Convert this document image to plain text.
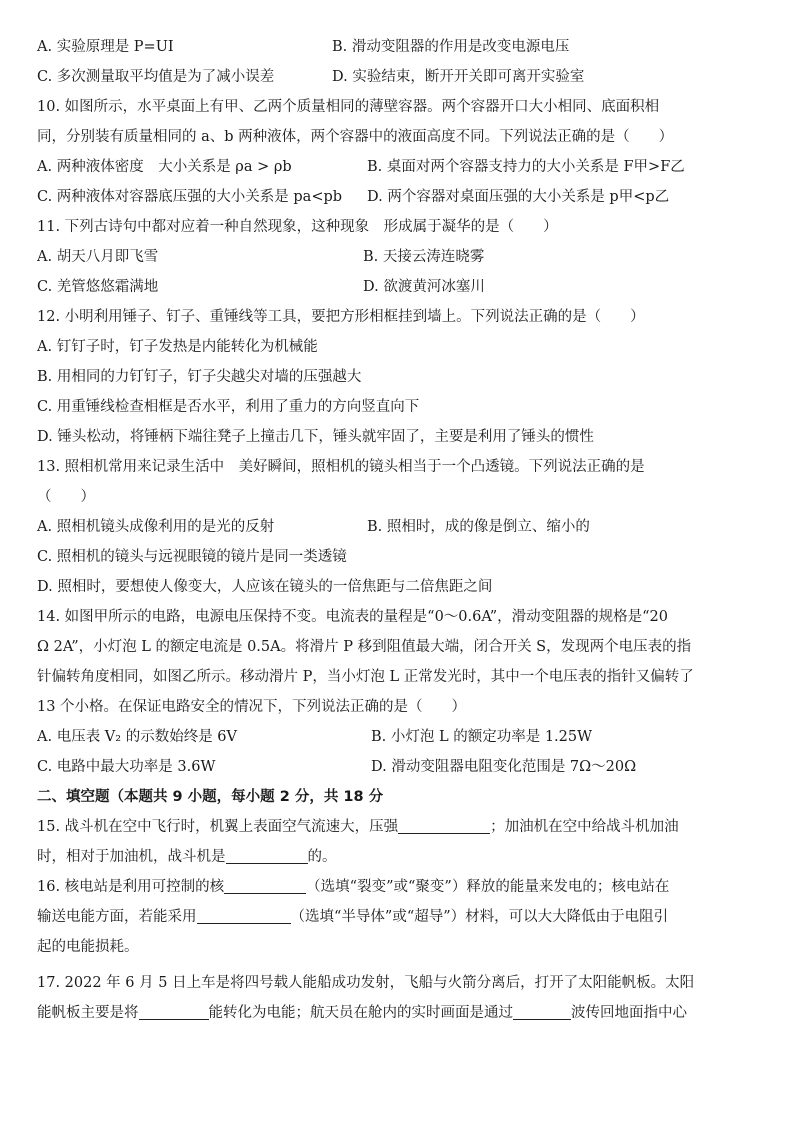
A. 实验原理是 P=UI	B. 滑动变阻器的作用是改变电源电压
C. 多次测量取平均值是为了减小误差	D. 实验结束，断开开关即可离开实验室
10. 如图所示，水平桌面上有甲、乙两个质量相同的薄壁容器。两个容器开口大小相同、底面积相
同，分别装有质量相同的 a、b 两种液体，两个容器中的液面高度不同。下列说法正确的是（　　）
A. 两种液体密度　大小关系是 ρa > ρb	B. 桌面对两个容器支持力的大小关系是 F甲>F乙
C. 两种液体对容器底压强的大小关系是 pa<pb	D. 两个容器对桌面压强的大小关系是 p甲<p乙
11. 下列古诗句中都对应着一种自然现象，这种现象　形成属于凝华的是（　　）
A. 胡天八月即飞雪	B. 天接云涛连晓雾
C. 羌管悠悠霜满地	D. 欲渡黄河冰塞川
12. 小明利用锤子、钉子、重锤线等工具，要把方形相框挂到墙上。下列说法正确的是（　　）
A. 钉钉子时，钉子发热是内能转化为机械能
B. 用相同的力钉钉子，钉子尖越尖对墙的压强越大
C. 用重锤线检查相框是否水平，利用了重力的方向竖直向下
D. 锤头松动，将锤柄下端往凳子上撞击几下，锤头就牢固了，主要是利用了锤头的惯性
13. 照相机常用来记录生活中　美好瞬间，照相机的镜头相当于一个凸透镜。下列说法正确的是
（　　）
A. 照相机镜头成像利用的是光的反射	B. 照相时，成的像是倒立、缩小的
C. 照相机的镜头与远视眼镜的镜片是同一类透镜
D. 照相时，要想使人像变大，人应该在镜头的一倍焦距与二倍焦距之间
14. 如图甲所示的电路，电源电压保持不变。电流表的量程是“0～0.6A”，滑动变阻器的规格是“20
Ω 2A”，小灯泡 L 的额定电流是 0.5A。将滑片 P 移到阻值最大端，闭合开关 S，发现两个电压表的指
针偏转角度相同，如图乙所示。移动滑片 P，当小灯泡 L 正常发光时，其中一个电压表的指针又偏转了
13 个小格。在保证电路安全的情况下，下列说法正确的是（　　）
A. 电压表 V₂ 的示数始终是 6V	B. 小灯泡 L 的额定功率是 1.25W
C. 电路中最大功率是 3.6W	D. 滑动变阻器电阻变化范围是 7Ω～20Ω
二、填空题（本题共 9 小题，每小题 2 分，共 18 分
15. 战斗机在空中飞行时，机翼上表面空气流速大，压强	；加油机在空中给战斗机加油
时，相对于加油机，战斗机是	的。
16. 核电站是利用可控制的核	（选填“裂变”或“聚变”）释放的能量来发电的；核电站在
输送电能方面，若能采用	（选填“半导体”或“超导”）材料，可以大大降低由于电阻引
起的电能损耗。
17. 2022 年 6 月 5 日上车是将四号载人能船成功发射，飞船与火箭分离后，打开了太阳能帆板。太阳
能帆板主要是将	能转化为电能；航天员在舱内的实时画面是通过	波传回地面指中心
